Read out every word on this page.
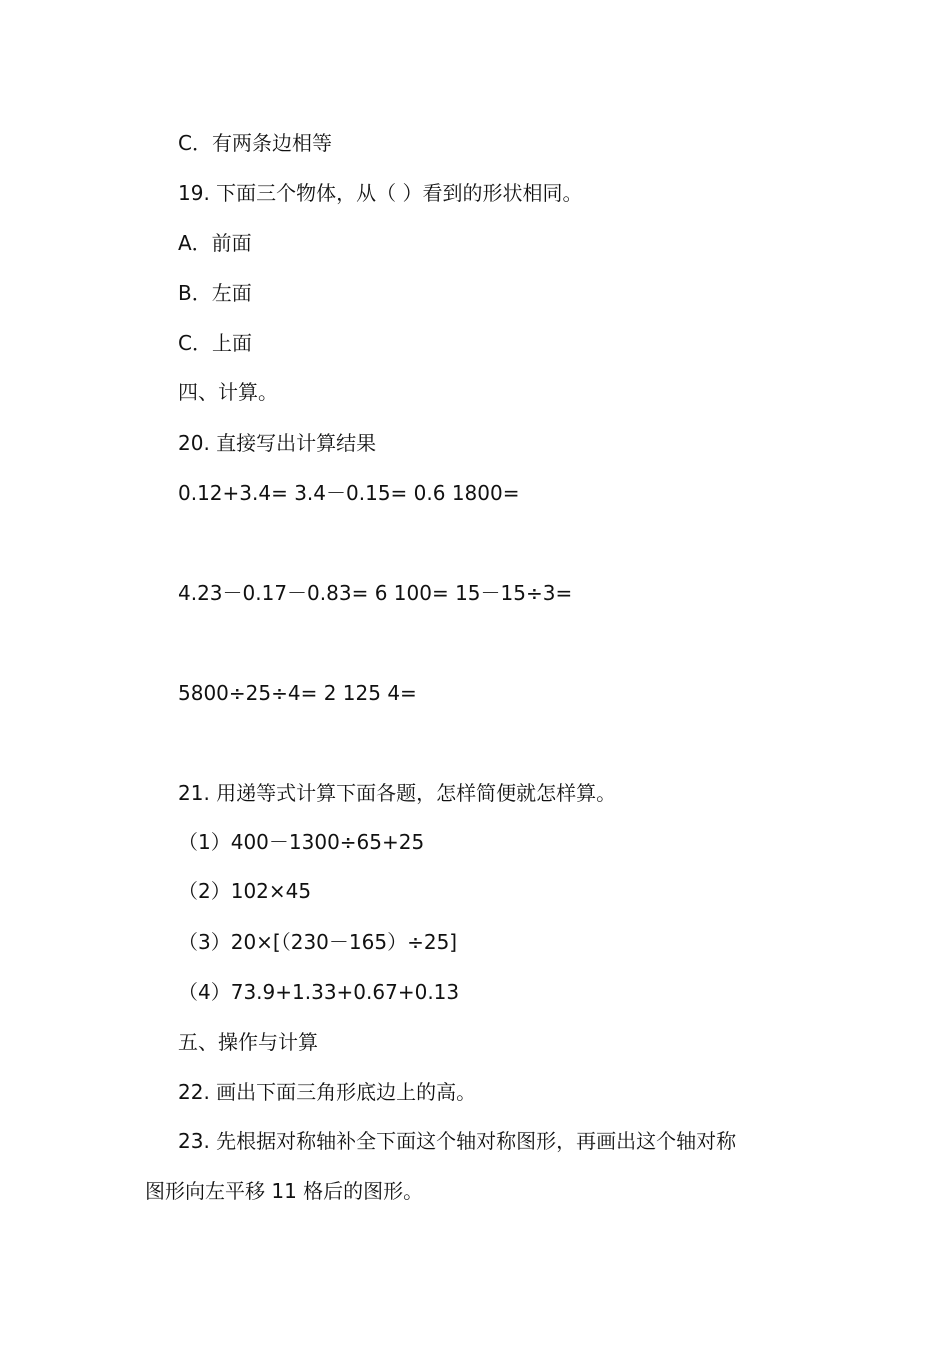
C．有两条边相等
19. 下面三个物体，从（ ）看到的形状相同。
A．前面
B．左面
C．上面
四、计算。
20. 直接写出计算结果
0.12+3.4= 3.4－0.15= 0.6 1800=
4.23－0.17－0.83= 6 100= 15－15÷3=
5800÷25÷4= 2 125 4=
21. 用递等式计算下面各题，怎样简便就怎样算。
（1）400－1300÷65+25
（2）102×45
（3）20×[（230－165）÷25]
（4）73.9+1.33+0.67+0.13
五、操作与计算
22. 画出下面三角形底边上的高。
23. 先根据对称轴补全下面这个轴对称图形，再画出这个轴对称
图形向左平移 11 格后的图形。
